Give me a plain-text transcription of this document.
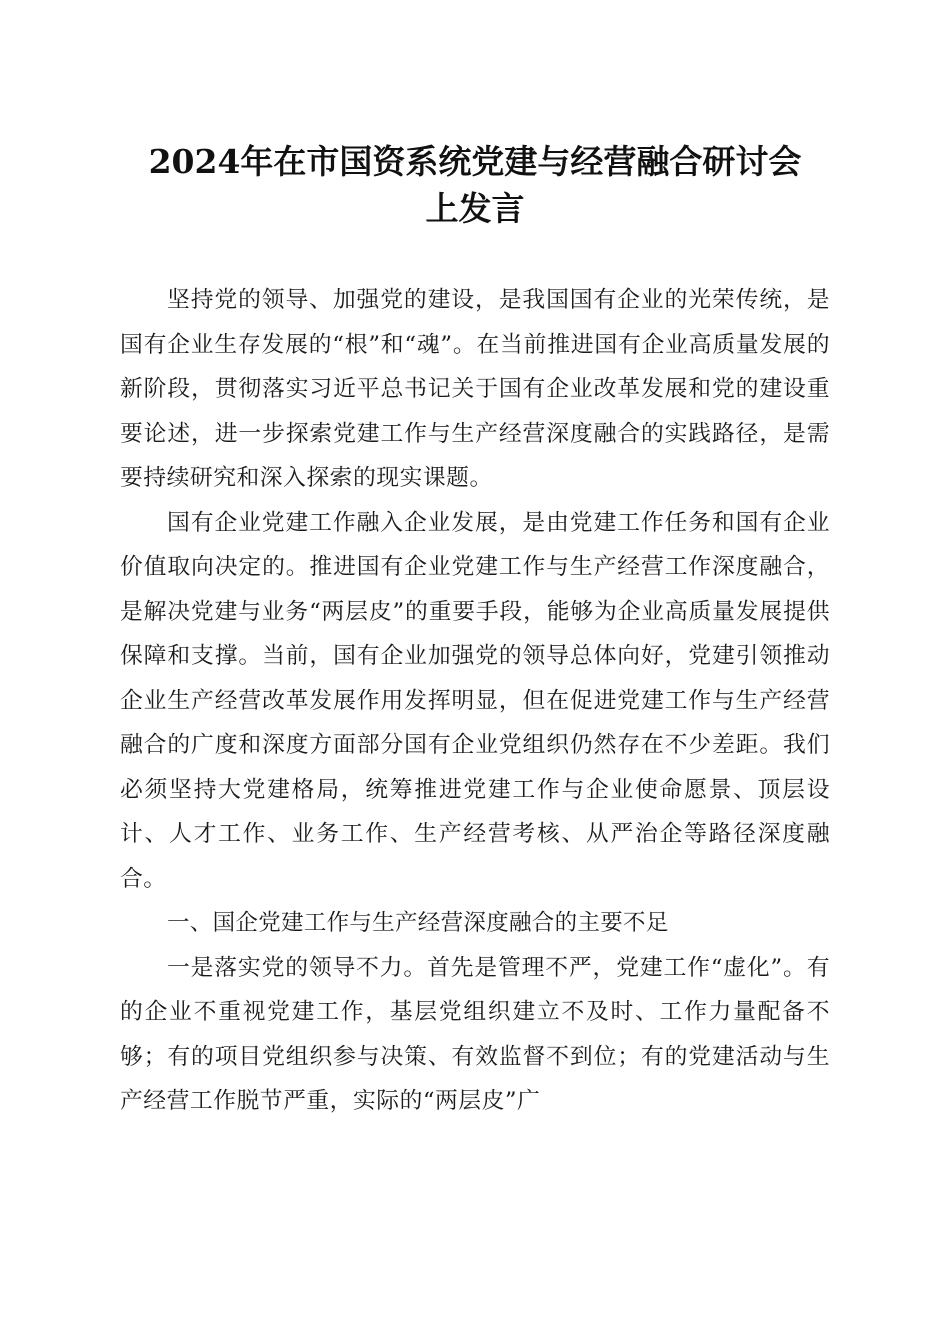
2024年在市国资系统党建与经营融合研讨会
上发言

坚持党的领导、加强党的建设，是我国国有企业的光荣传统，是国有企业生存发展的“根”和“魂”。在当前推进国有企业高质量发展的新阶段，贯彻落实习近平总书记关于国有企业改革发展和党的建设重要论述，进一步探索党建工作与生产经营深度融合的实践路径，是需要持续研究和深入探索的现实课题。

国有企业党建工作融入企业发展，是由党建工作任务和国有企业价值取向决定的。推进国有企业党建工作与生产经营工作深度融合，是解决党建与业务“两层皮”的重要手段，能够为企业高质量发展提供保障和支撑。当前，国有企业加强党的领导总体向好，党建引领推动企业生产经营改革发展作用发挥明显，但在促进党建工作与生产经营融合的广度和深度方面部分国有企业党组织仍然存在不少差距。我们必须坚持大党建格局，统筹推进党建工作与企业使命愿景、顶层设计、人才工作、业务工作、生产经营考核、从严治企等路径深度融合。

一、国企党建工作与生产经营深度融合的主要不足

一是落实党的领导不力。首先是管理不严，党建工作“虚化”。有的企业不重视党建工作，基层党组织建立不及时、工作力量配备不够；有的项目党组织参与决策、有效监督不到位；有的党建活动与生产经营工作脱节严重，实际的“两层皮”广
